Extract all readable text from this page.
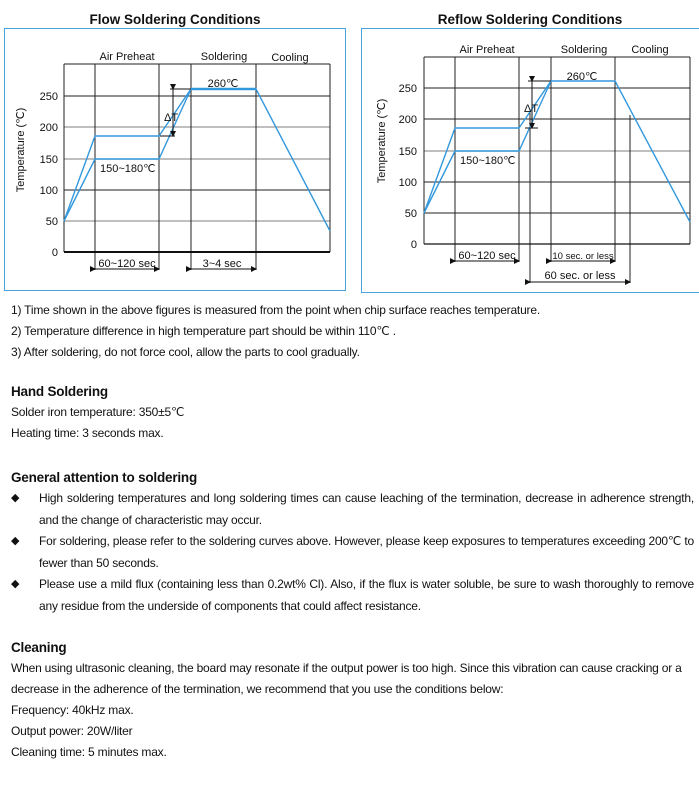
Flow Soldering Conditions
Air Preheat	Soldering Cooling
260℃
150~180℃
ΔT
60~120 sec	3~4 sec
0
50
100
150
200
250
Temperature (℃)
Reflow Soldering Conditions
Air Preheat	Soldering Cooling
260℃
150~180℃
ΔT
60~120 sec	10 sec. or less
60 sec. or less
0
50
100
150
200
250
Temperature (℃)
1) Time shown in the above figures is measured from the point when chip surface reaches temperature.
2) Temperature difference in high temperature part should be within 110℃ .
3) After soldering, do not force cool, allow the parts to cool gradually.
Hand Soldering

Solder iron temperature: 350±5℃

Heating time: 3 seconds max.

General attention to soldering
◆ High soldering temperatures and long soldering times can cause leaching of the termination, decrease in adherence strength, and the change of characteristic may occur.
◆ For soldering, please refer to the soldering curves above. However, please keep exposures to temperatures exceeding 200℃ to fewer than 50 seconds.
◆ Please use a mild flux (containing less than 0.2wt% Cl). Also, if the flux is water soluble, be sure to wash thoroughly to remove any residue from the underside of components that could affect resistance.
Cleaning

When using ultrasonic cleaning, the board may resonate if the output power is too high. Since this vibration can cause cracking or a decrease in the adherence of the termination, we recommend that you use the conditions below:

Frequency: 40kHz max.

Output power: 20W/liter

Cleaning time: 5 minutes max.
